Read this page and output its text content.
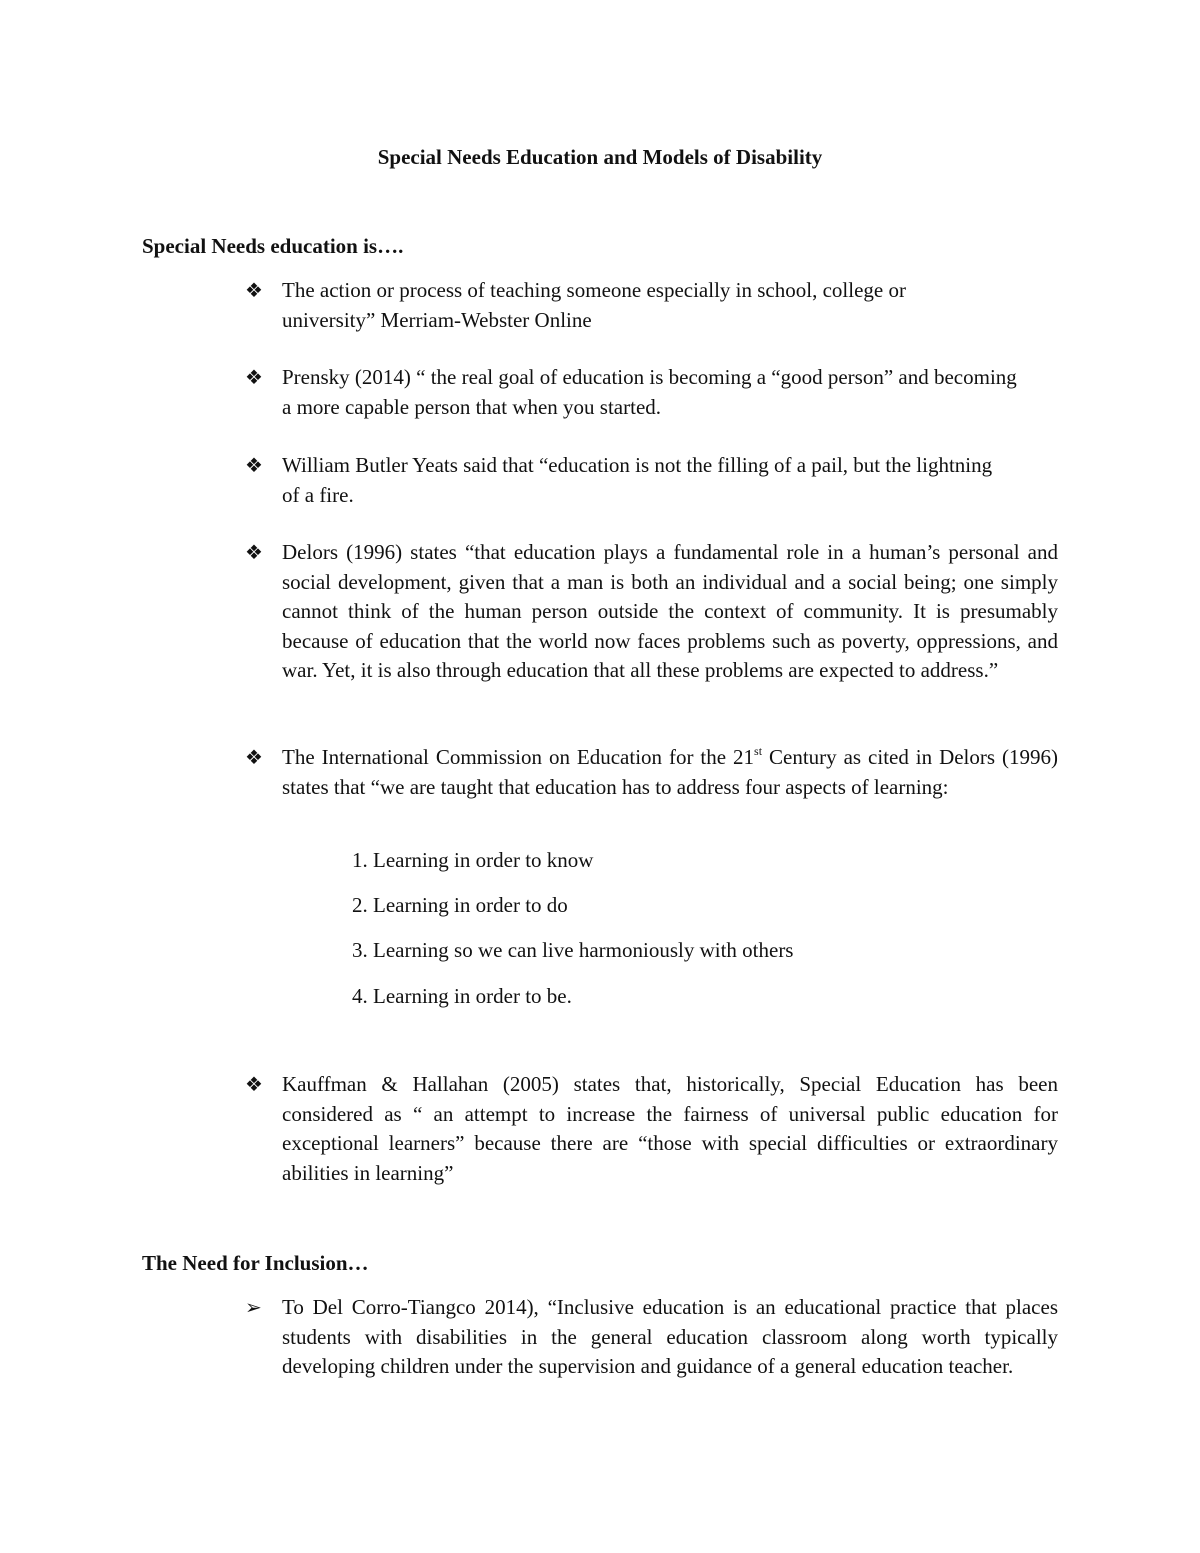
Special Needs Education and Models of Disability
Special Needs education is….
❖ The action or process of teaching someone especially in school, college or university” Merriam-Webster Online
❖ Prensky (2014) “ the real goal of education is becoming a “good person” and becoming a more capable person that when you started.
❖ William Butler Yeats said that “education is not the filling of a pail, but the lightning of a fire.
❖ Delors (1996) states “that education plays a fundamental role in a human’s personal and social development, given that a man is both an individual and a social being; one simply cannot think of the human person outside the context of community. It is presumably because of education that the world now faces problems such as poverty, oppressions, and war. Yet, it is also through education that all these problems are expected to address.”
❖ The International Commission on Education for the 21st Century as cited in Delors (1996) states that “we are taught that education has to address four aspects of learning:
1. Learning in order to know
2. Learning in order to do
3. Learning so we can live harmoniously with others
4. Learning in order to be.
❖ Kauffman & Hallahan (2005) states that, historically, Special Education has been considered as “ an attempt to increase the fairness of universal public education for exceptional learners” because there are “those with special difficulties or extraordinary abilities in learning”
The Need for Inclusion…
➢ To Del Corro-Tiangco 2014), “Inclusive education is an educational practice that places students with disabilities in the general education classroom along worth typically developing children under the supervision and guidance of a general education teacher.
